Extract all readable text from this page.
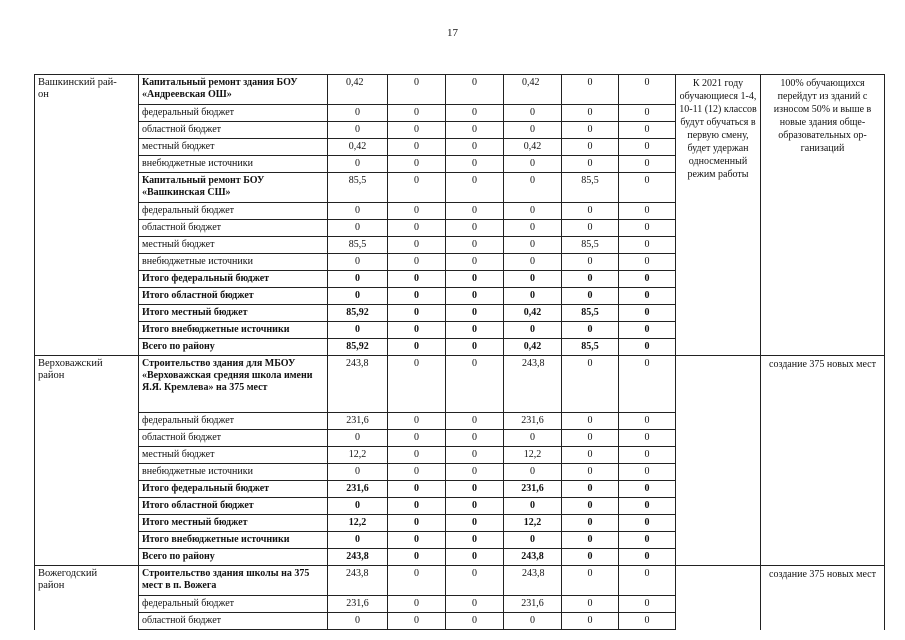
17
Вашкинский рай-
он	Капитальный ремонт здания БОУ «Андреевская ОШ»	0,42	0	0	0,42	0	0	К 2021 году обучающиеся 1-4, 10-11 (12) классов будут обучаться в первую смену, будет удержан односменный режим работы	100% обучающихся перейдут из зданий с износом 50% и выше в новые здания обще-образовательных ор-ганизаций
	федеральный бюджет	0	0	0	0	0	0		
	областной бюджет	0	0	0	0	0	0		
	местный бюджет	0,42	0	0	0,42	0	0		
	внебюджетные источники	0	0	0	0	0	0		
	Капитальный ремонт БОУ «Вашкинская СШ»	85,5	0	0	0	85,5	0		
	федеральный бюджет	0	0	0	0	0	0		
	областной бюджет	0	0	0	0	0	0		
	местный бюджет	85,5	0	0	0	85,5	0		
	внебюджетные источники	0	0	0	0	0	0		
	Итого федеральный бюджет	0	0	0	0	0	0		
	Итого областной бюджет	0	0	0	0	0	0		
	Итого местный бюджет	85,92	0	0	0,42	85,5	0		
	Итого внебюджетные источники	0	0	0	0	0	0		
	Всего по району	85,92	0	0	0,42	85,5	0		
Верховажский
район	Строительство здания для МБОУ «Верховажская средняя школа имени Я.Я. Кремлева» на 375 мест	243,8	0	0	243,8	0	0		создание 375 новых мест
	федеральный бюджет	231,6	0	0	231,6	0	0		
	областной бюджет	0	0	0	0	0	0		
	местный бюджет	12,2	0	0	12,2	0	0		
	внебюджетные источники	0	0	0	0	0	0		
	Итого федеральный бюджет	231,6	0	0	231,6	0	0		
	Итого областной бюджет	0	0	0	0	0	0		
	Итого местный бюджет	12,2	0	0	12,2	0	0		
	Итого внебюджетные источники	0	0	0	0	0	0		
	Всего по району	243,8	0	0	243,8	0	0		
Вожегодский
район	Строительство здания школы на 375 мест в п. Вожега	243,8	0	0	243,8	0	0		создание 375 новых мест
	федеральный бюджет	231,6	0	0	231,6	0	0		
	областной бюджет	0	0	0	0	0	0		
